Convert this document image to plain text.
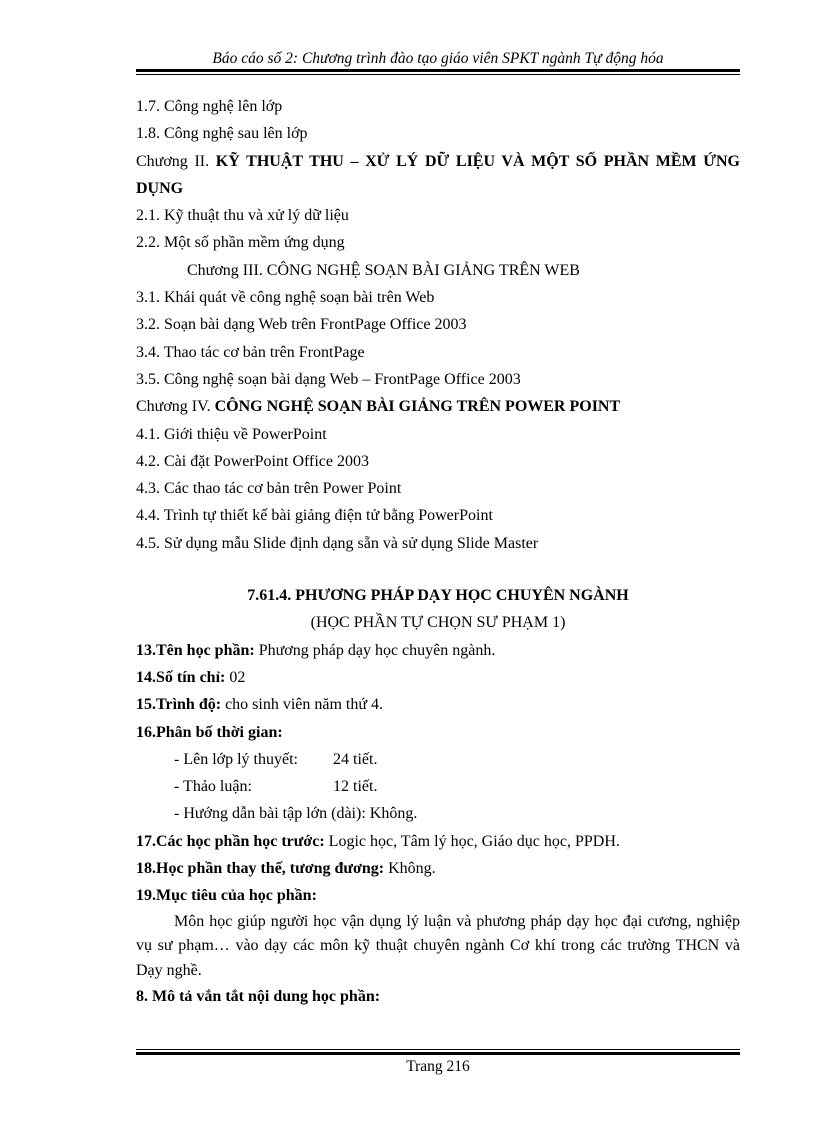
Báo cáo số 2: Chương trình đào tạo giáo viên SPKT ngành Tự động hóa

1.7. Công nghệ lên lớp

1.8. Công nghệ sau lên lớp

Chương II. KỸ THUẬT THU – XỬ LÝ DỮ LIỆU VÀ MỘT SỐ PHẦN MỀM ỨNG DỤNG

2.1. Kỹ thuật thu và xử lý dữ liệu

2.2. Một số phần mềm ứng dụng

Chương III. CÔNG NGHỆ SOẠN BÀI GIẢNG TRÊN WEB

3.1. Khái quát về công nghệ soạn bài trên Web

3.2. Soạn bài dạng Web trên FrontPage Office 2003

3.4. Thao tác cơ bản trên FrontPage

3.5. Công nghệ soạn bài dạng Web – FrontPage Office 2003

Chương IV. CÔNG NGHỆ SOẠN BÀI GIẢNG TRÊN POWER POINT

4.1. Giới thiệu về PowerPoint

4.2. Cài đặt PowerPoint Office 2003

4.3. Các thao tác cơ bản trên Power Point

4.4. Trình tự thiết kế bài giảng điện tử bằng PowerPoint

4.5. Sử dụng mẫu Slide định dạng sẵn và sử dụng Slide Master

7.61.4. PHƯƠNG PHÁP DẠY HỌC CHUYÊN NGÀNH

(HỌC PHẦN TỰ CHỌN SƯ PHẠM 1)

13.Tên học phần: Phương pháp dạy học chuyên ngành.

14.Số tín chỉ: 02

15.Trình độ: cho sinh viên năm thứ 4.

16.Phân bố thời gian:

- Lên lớp lý thuyết: 24 tiết.

- Thảo luận:	12 tiết.

- Hướng dẫn bài tập lớn (dài): Không.

17.Các học phần học trước: Logic học, Tâm lý học, Giáo dục học, PPDH.

18.Học phần thay thế, tương đương: Không.

19.Mục tiêu của học phần:

Môn học giúp người học vận dụng lý luận và phương pháp dạy học đại cương, nghiệp vụ sư phạm… vào dạy các môn kỹ thuật chuyên ngành Cơ khí trong các trường THCN và Dạy nghề.

8. Mô tả vắn tắt nội dung học phần:

Trang 216
